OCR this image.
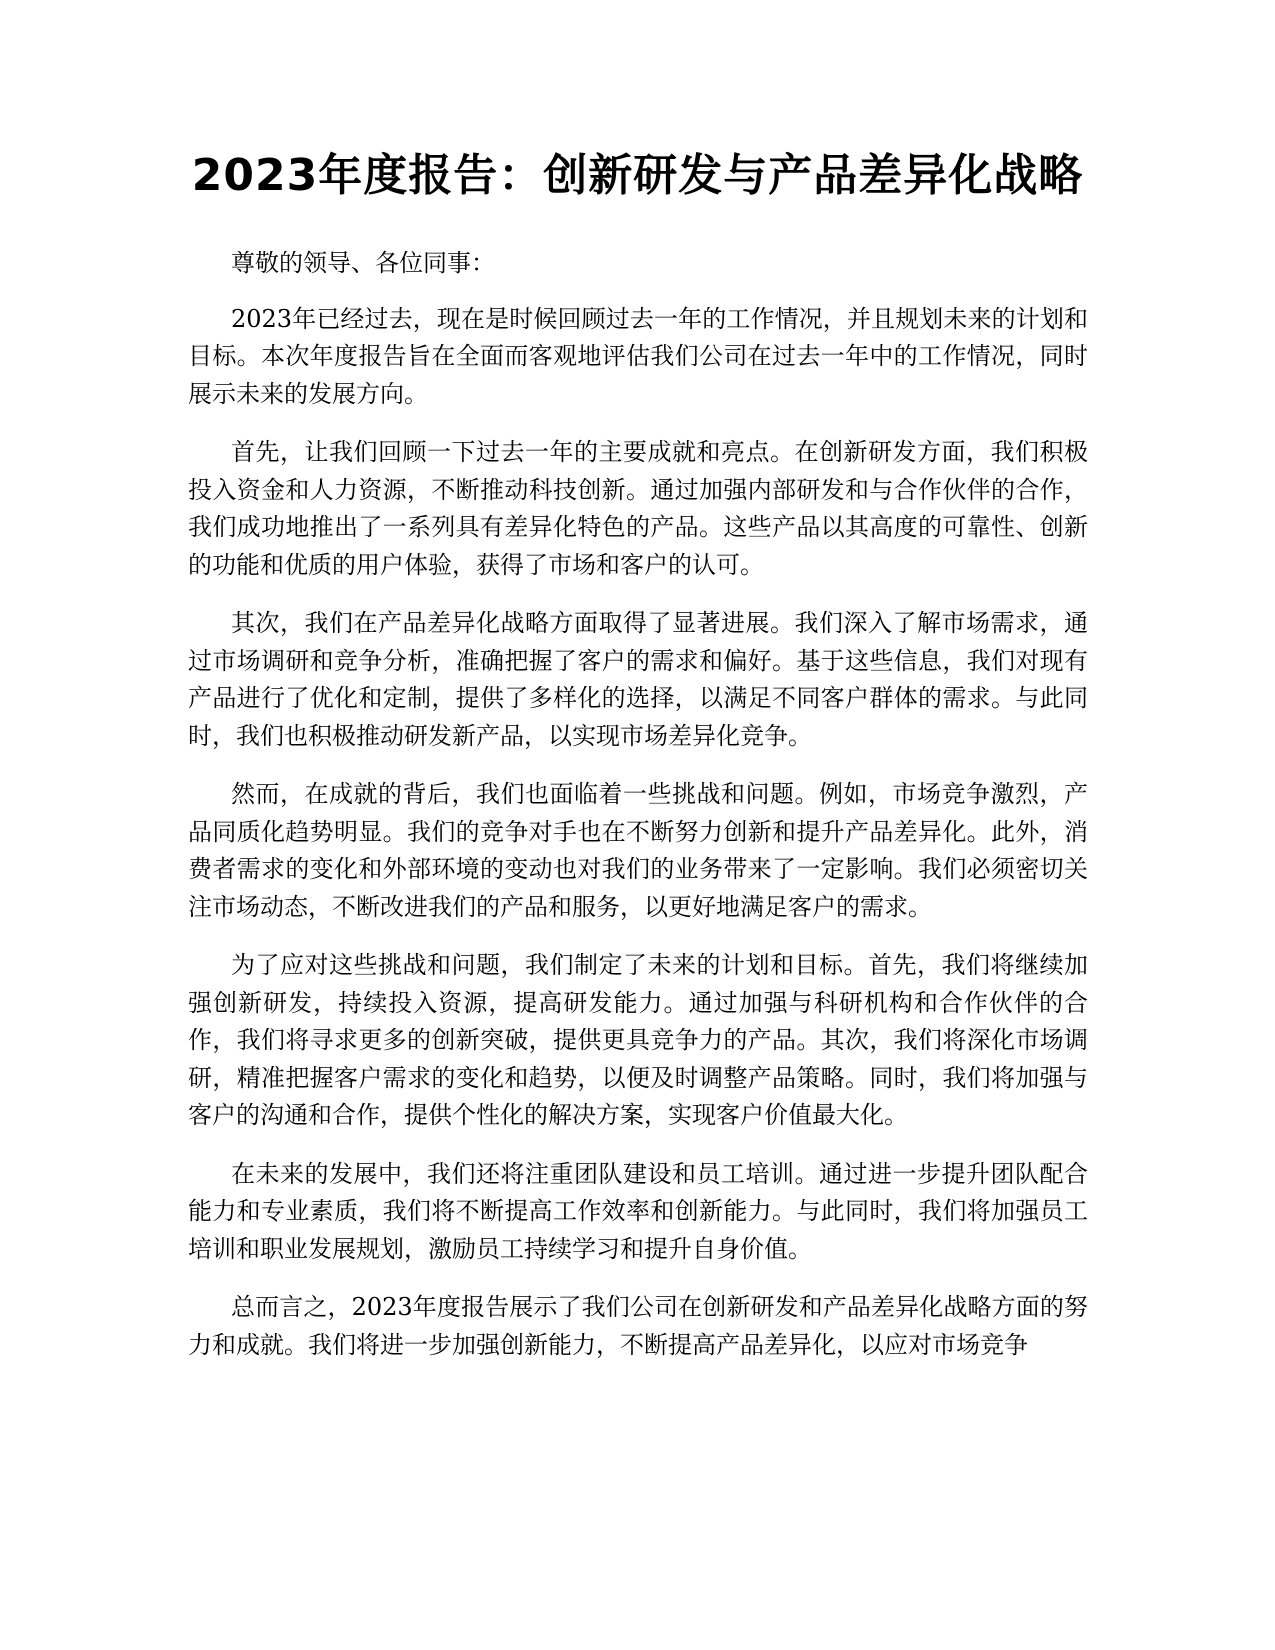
2023年度报告：创新研发与产品差异化战略

尊敬的领导、各位同事：

2023年已经过去，现在是时候回顾过去一年的工作情况，并且规划未来的计划和目标。本次年度报告旨在全面而客观地评估我们公司在过去一年中的工作情况，同时展示未来的发展方向。

首先，让我们回顾一下过去一年的主要成就和亮点。在创新研发方面，我们积极投入资金和人力资源，不断推动科技创新。通过加强内部研发和与合作伙伴的合作，我们成功地推出了一系列具有差异化特色的产品。这些产品以其高度的可靠性、创新的功能和优质的用户体验，获得了市场和客户的认可。

其次，我们在产品差异化战略方面取得了显著进展。我们深入了解市场需求，通过市场调研和竞争分析，准确把握了客户的需求和偏好。基于这些信息，我们对现有产品进行了优化和定制，提供了多样化的选择，以满足不同客户群体的需求。与此同时，我们也积极推动研发新产品，以实现市场差异化竞争。

然而，在成就的背后，我们也面临着一些挑战和问题。例如，市场竞争激烈，产品同质化趋势明显。我们的竞争对手也在不断努力创新和提升产品差异化。此外，消费者需求的变化和外部环境的变动也对我们的业务带来了一定影响。我们必须密切关注市场动态，不断改进我们的产品和服务，以更好地满足客户的需求。

为了应对这些挑战和问题，我们制定了未来的计划和目标。首先，我们将继续加强创新研发，持续投入资源，提高研发能力。通过加强与科研机构和合作伙伴的合作，我们将寻求更多的创新突破，提供更具竞争力的产品。其次，我们将深化市场调研，精准把握客户需求的变化和趋势，以便及时调整产品策略。同时，我们将加强与客户的沟通和合作，提供个性化的解决方案，实现客户价值最大化。

在未来的发展中，我们还将注重团队建设和员工培训。通过进一步提升团队配合能力和专业素质，我们将不断提高工作效率和创新能力。与此同时，我们将加强员工培训和职业发展规划，激励员工持续学习和提升自身价值。

总而言之，2023年度报告展示了我们公司在创新研发和产品差异化战略方面的努力和成就。我们将进一步加强创新能力，不断提高产品差异化，以应对市场竞争
